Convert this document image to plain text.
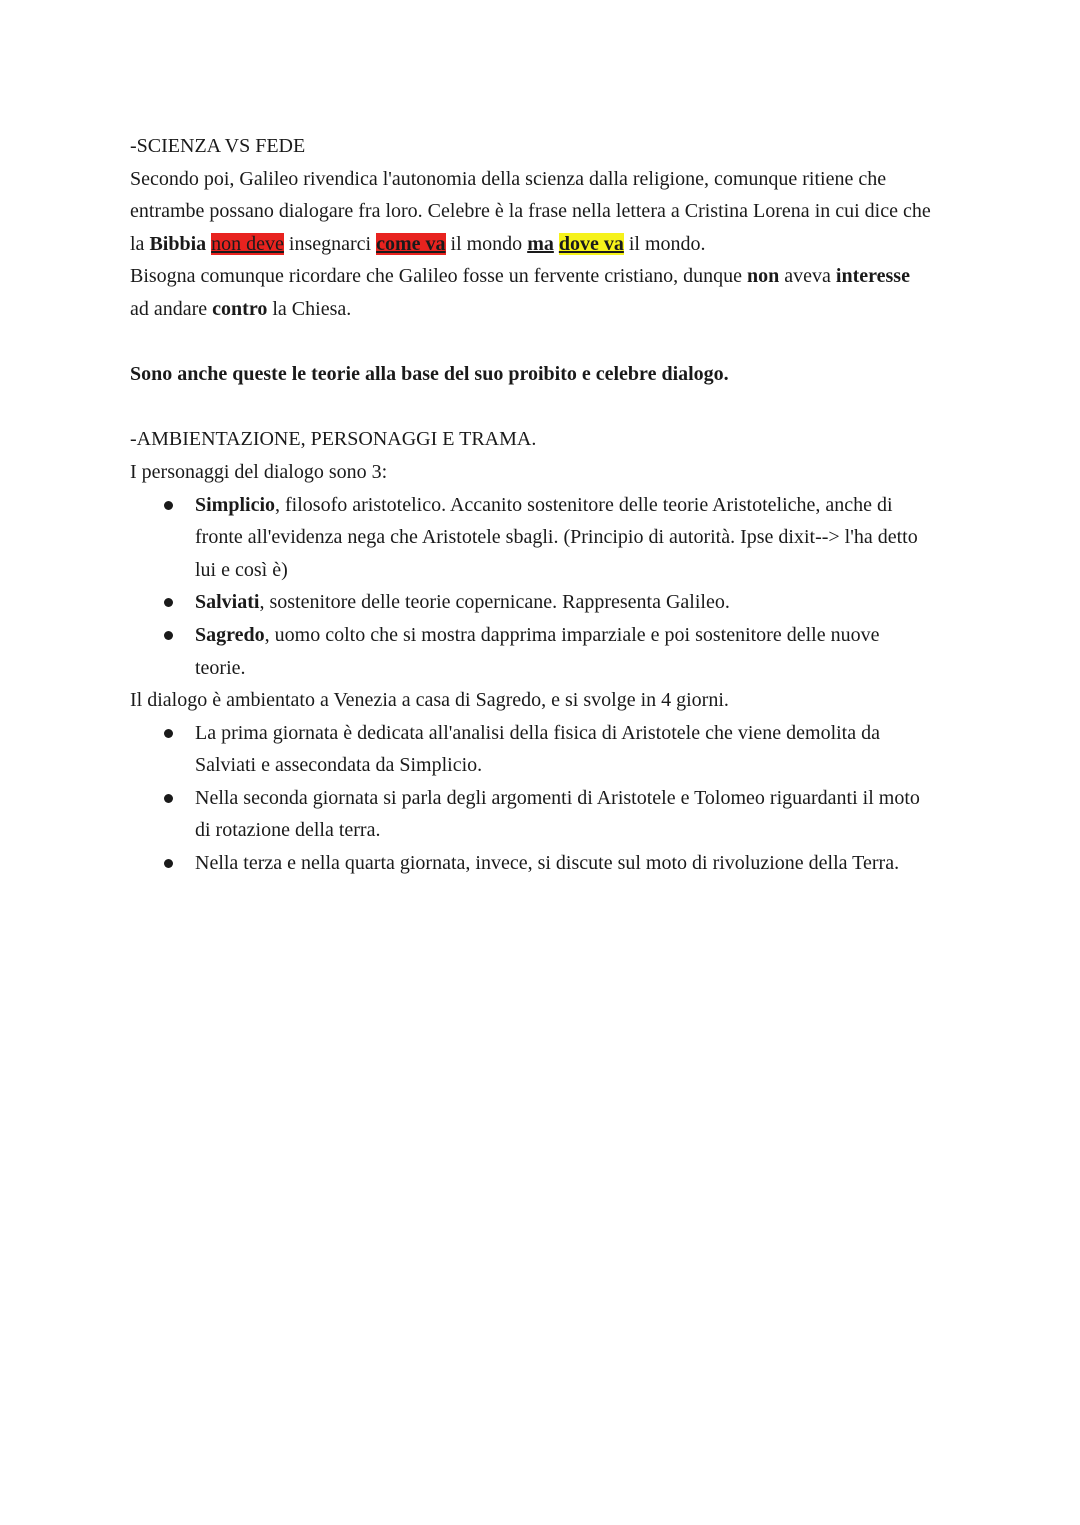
-SCIENZA VS FEDE
Secondo poi, Galileo rivendica l'autonomia della scienza dalla religione, comunque ritiene che
entrambe possano dialogare fra loro. Celebre è la frase nella lettera a Cristina Lorena in cui dice che
la Bibbia non deve insegnarci come va il mondo ma dove va il mondo.
Bisogna comunque ricordare che Galileo fosse un fervente cristiano, dunque non aveva interesse
ad andare contro la Chiesa.
Sono anche queste le teorie alla base del suo proibito e celebre dialogo.
-AMBIENTAZIONE, PERSONAGGI E TRAMA.
I personaggi del dialogo sono 3:
Simplicio, filosofo aristotelico. Accanito sostenitore delle teorie Aristoteliche, anche di
fronte all'evidenza nega che Aristotele sbagli. (Principio di autorità. Ipse dixit--> l'ha detto
lui e così è)
Salviati, sostenitore delle teorie copernicane. Rappresenta Galileo.
Sagredo, uomo colto che si mostra dapprima imparziale e poi sostenitore delle nuove
teorie.
Il dialogo è ambientato a Venezia a casa di Sagredo, e si svolge in 4 giorni.
La prima giornata è dedicata all'analisi della fisica di Aristotele che viene demolita da
Salviati e assecondata da Simplicio.
Nella seconda giornata si parla degli argomenti di Aristotele e Tolomeo riguardanti il moto
di rotazione della terra.
Nella terza e nella quarta giornata, invece, si discute sul moto di rivoluzione della Terra.
